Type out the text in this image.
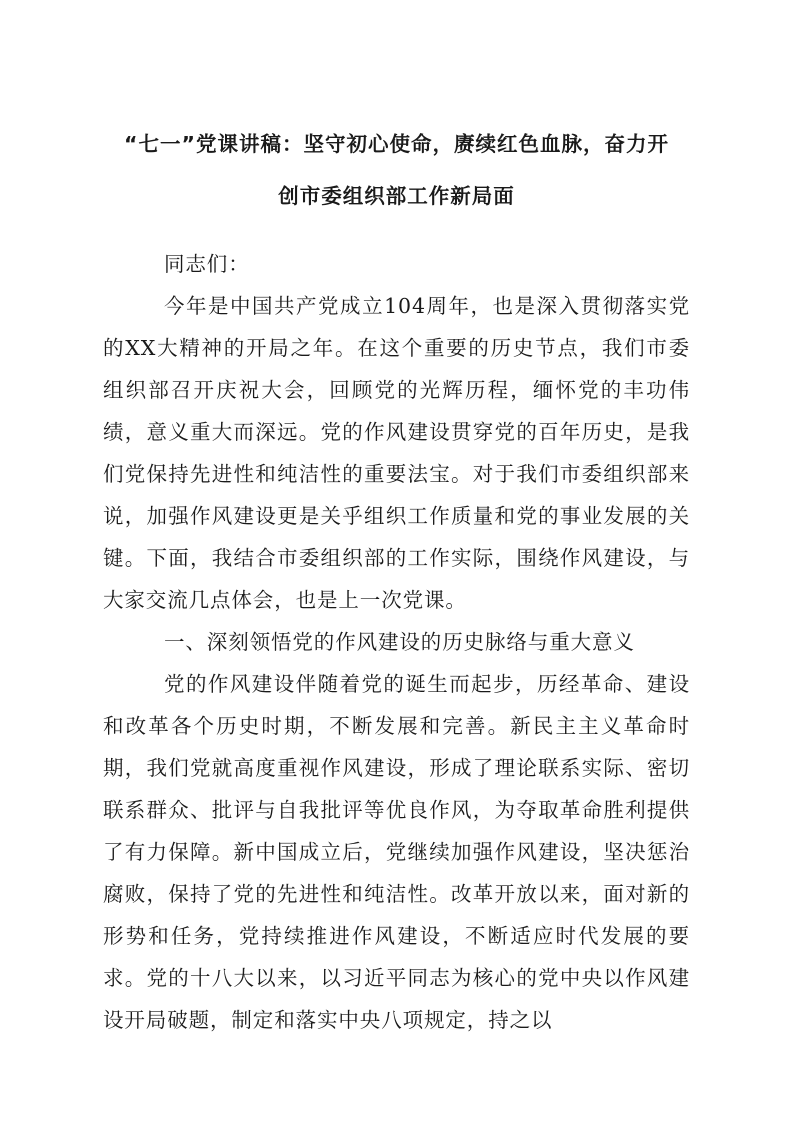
“七一”党课讲稿：坚守初心使命，赓续红色血脉，奋力开
创市委组织部工作新局面

同志们：

今年是中国共产党成立104周年，也是深入贯彻落实党的XX大精神的开局之年。在这个重要的历史节点，我们市委组织部召开庆祝大会，回顾党的光辉历程，缅怀党的丰功伟绩，意义重大而深远。党的作风建设贯穿党的百年历史，是我们党保持先进性和纯洁性的重要法宝。对于我们市委组织部来说，加强作风建设更是关乎组织工作质量和党的事业发展的关键。下面，我结合市委组织部的工作实际，围绕作风建设，与大家交流几点体会，也是上一次党课。

一、深刻领悟党的作风建设的历史脉络与重大意义

党的作风建设伴随着党的诞生而起步，历经革命、建设和改革各个历史时期，不断发展和完善。新民主主义革命时期，我们党就高度重视作风建设，形成了理论联系实际、密切联系群众、批评与自我批评等优良作风，为夺取革命胜利提供了有力保障。新中国成立后，党继续加强作风建设，坚决惩治腐败，保持了党的先进性和纯洁性。改革开放以来，面对新的形势和任务，党持续推进作风建设，不断适应时代发展的要求。党的十八大以来，以习近平同志为核心的党中央以作风建设开局破题，制定和落实中央八项规定，持之以
